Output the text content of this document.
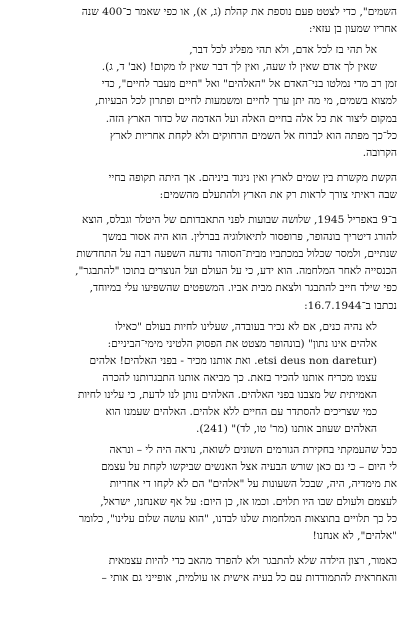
השמים", כדי לצטט פעם נוספת את קהלת (ג, א), או כפי שאמר כ־400 שנה
אחריו שמעון בן עזאי:
אל תהי בז לכל אדם, ולא תהי מפליג לכל דבר,
שאין לך אדם שאין לו שעה, ואין לך דבר שאין לו מקום! (אב' ד, ג).
זמן רב מדי נמלטו בני־האדם אל "האלהים" ואל "חיים מעבר לחיים", כדי
למצוא בשמים, מי מה יתן ערך לחיים ומשמעות לחיים ופתרון לכל הבעיות,
במקום ליצור את כל אלה בחיים האלה ועל האדמה של כדור הארץ הזה.
כל־כך מפתה הוא לברוח אל השמים הרחוקים ולא לקחת אחריות לארץ
הקרובה.
הקשת מקשרת בין שמים לארץ ואין ניגוד ביניהם. אך היתה תקופה בחיי
שבה ראיתי צורך לראות רק את הארץ ולהתעלם מהשמים:
ב־9 באפריל 1945, שלושה שבועות לפני התאבדותם של היטלר וגבלס, הוצא
להורג דיטריך בונהופר, פרופסור לתיאולוגיה בברלין. הוא היה אסור במשך
שנתיים, ולמסר שכלול במכתביו מבית־הסוהר נודעה השפעה רבה על התחדשות
הכנסייה לאחר המלחמה. הוא ידע, כי על העולם ועל הנוצרים בתוכו "להתבגר",
כפי שילד חייב להתבגר ולצאת מבית אביו. המשפטים שהשפיעו עלי במיוחד,
נכתבו ב־16.7.1944:
לא נהיה כנים, אם לא נכיר בעובדה, שעלינו לחיות בעולם "כאילו
אלהים אינו נתון" (בונהופר מצטט את הפסוק הלטיני מימי־הביניים:
(etsi deus non daretur. ואת אותנו מכיר - בפני האלהים! אלהים
עצמו מכריח אותנו להכיר בזאת. כך מביאה אותנו התבגרותנו להכרה
האמיתית של מצבנו בפני האלהים. האלהים נותן לנו לדעת, כי עלינו לחיות
כמי שצריכים להסתדר עם החיים ללא אלהים. האלהים שעמנו הוא
האלהים שעוזב אותנו (מר' טו, לד)" (241).
ככל שהעמקתי בחקירת הגורמים השונים לשואה, נראה היה לי – ונראה
לי היום – כי גם כאן שורש הבעיה אצל האנשים שביקשו לקחת על עצמם
את מימדיה, היה, שבכל השעונות על "אלהים" הם לא לקחו די אחריות
לעצמם ולעולם שבו היו תלוים. וכמו אז, כן היום: על אף שאנחנו, ישראל,
כל כך תלויים בתוצאות המלחמות שלנו לבדנו, "הוא עושה שלום עלינו", כלומר
"אלהים", לא אנחנו!
כאמור, רצון הילדה שלא להתבגר ולא להפרד מהאב כדי להיות עצמאית
והאחראית להתמודדות עם כל בעיה אישית או עולמית, אופייני גם אותי –
